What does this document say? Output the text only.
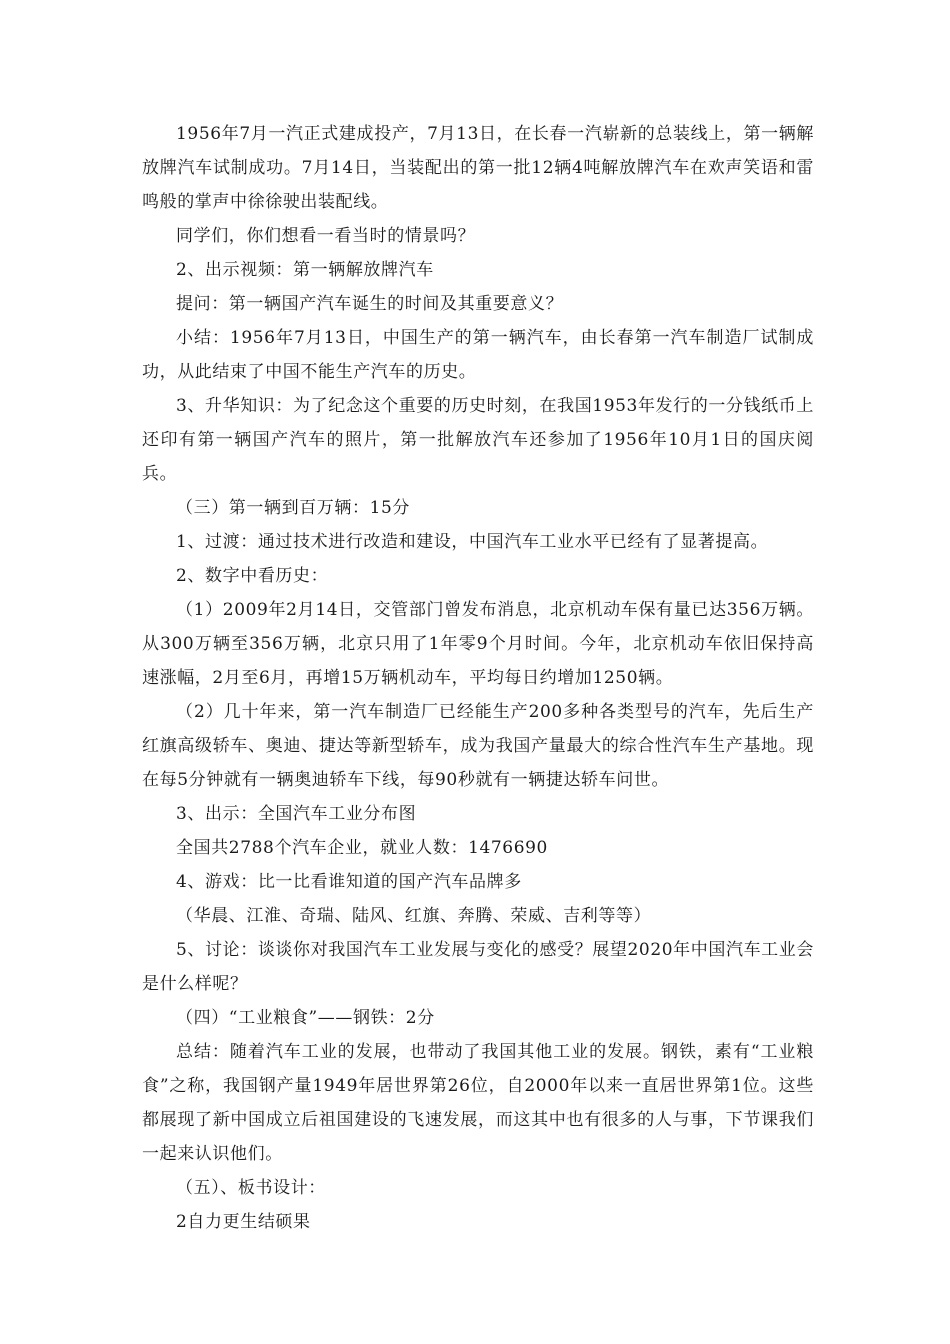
1956年7月一汽正式建成投产，7月13日，在长春一汽崭新的总装线上，第一辆解放牌汽车试制成功。7月14日，当装配出的第一批12辆4吨解放牌汽车在欢声笑语和雷鸣般的掌声中徐徐驶出装配线。

同学们，你们想看一看当时的情景吗？

2、出示视频：第一辆解放牌汽车

提问：第一辆国产汽车诞生的时间及其重要意义？

小结：1956年7月13日，中国生产的第一辆汽车，由长春第一汽车制造厂试制成功，从此结束了中国不能生产汽车的历史。

3、升华知识：为了纪念这个重要的历史时刻，在我国1953年发行的一分钱纸币上还印有第一辆国产汽车的照片，第一批解放汽车还参加了1956年10月1日的国庆阅兵。

（三）第一辆到百万辆：15分

1、过渡：通过技术进行改造和建设，中国汽车工业水平已经有了显著提高。

2、数字中看历史：

（1）2009年2月14日，交管部门曾发布消息，北京机动车保有量已达356万辆。从300万辆至356万辆，北京只用了1年零9个月时间。今年，北京机动车依旧保持高速涨幅，2月至6月，再增15万辆机动车，平均每日约增加1250辆。

（2）几十年来，第一汽车制造厂已经能生产200多种各类型号的汽车，先后生产红旗高级轿车、奥迪、捷达等新型轿车，成为我国产量最大的综合性汽车生产基地。现在每5分钟就有一辆奥迪轿车下线，每90秒就有一辆捷达轿车问世。

3、出示：全国汽车工业分布图

全国共2788个汽车企业，就业人数：1476690

4、游戏：比一比看谁知道的国产汽车品牌多

（华晨、江淮、奇瑞、陆风、红旗、奔腾、荣威、吉利等等）

5、讨论：谈谈你对我国汽车工业发展与变化的感受？展望2020年中国汽车工业会是什么样呢？

（四）“工业粮食”——钢铁：2分

总结：随着汽车工业的发展，也带动了我国其他工业的发展。钢铁，素有“工业粮食”之称，我国钢产量1949年居世界第26位，自2000年以来一直居世界第1位。这些都展现了新中国成立后祖国建设的飞速发展，而这其中也有很多的人与事，下节课我们一起来认识他们。

（五）、板书设计：

2自力更生结硕果
